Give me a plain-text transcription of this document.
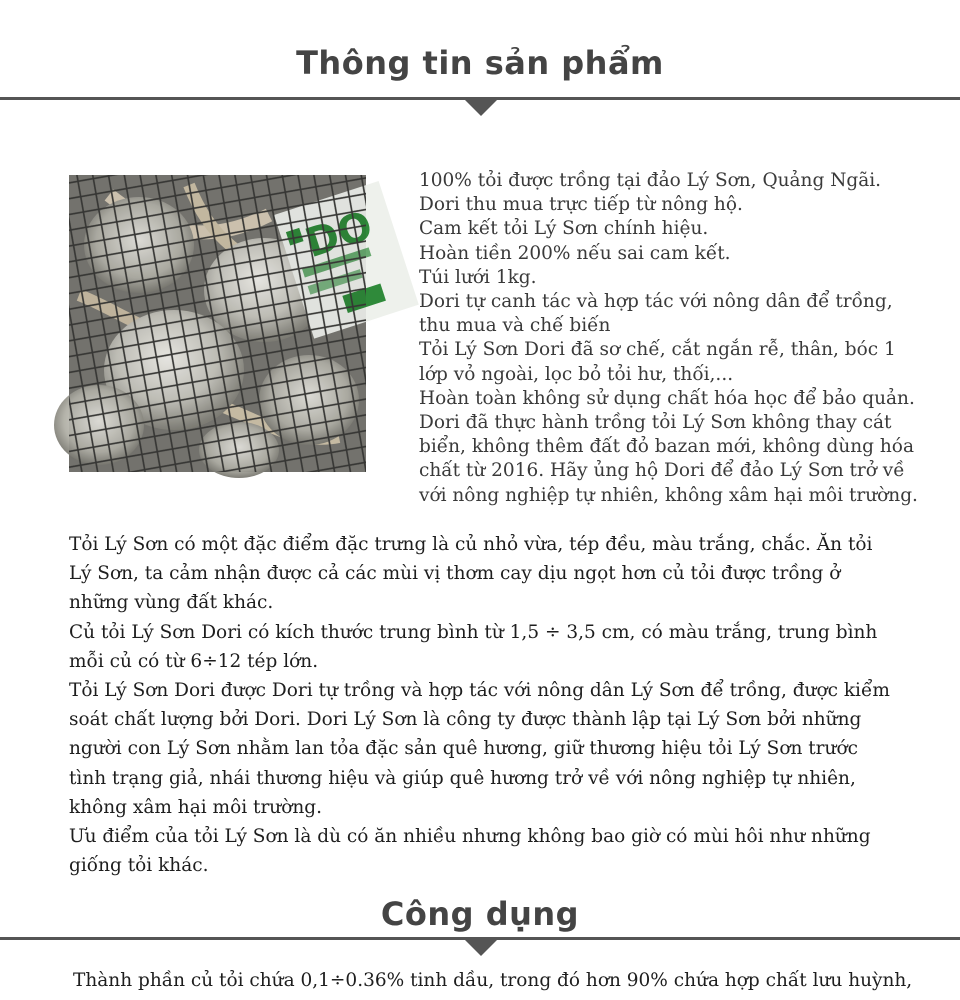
Thông tin sản phẩm
100% tỏi được trồng tại đảo Lý Sơn, Quảng Ngãi. Dori thu mua trực tiếp từ nông hộ.
Cam kết tỏi Lý Sơn chính hiệu.
Hoàn tiền 200% nếu sai cam kết.
Túi lưới 1kg.
Dori tự canh tác và hợp tác với nông dân để trồng, thu mua và chế biến
Tỏi Lý Sơn Dori đã sơ chế, cắt ngắn rễ, thân, bóc 1 lớp vỏ ngoài, lọc bỏ tỏi hư, thối,...
Hoàn toàn không sử dụng chất hóa học để bảo quản.
Dori đã thực hành trồng tỏi Lý Sơn không thay cát biển, không thêm đất đỏ bazan mới, không dùng hóa chất từ 2016. Hãy ủng hộ Dori để đảo Lý Sơn trở về với nông nghiệp tự nhiên, không xâm hại môi trường.

Tỏi Lý Sơn có một đặc điểm đặc trưng là củ nhỏ vừa, tép đều, màu trắng, chắc. Ăn tỏi Lý Sơn, ta cảm nhận được cả các mùi vị thơm cay dịu ngọt hơn củ tỏi được trồng ở những vùng đất khác.

Củ tỏi Lý Sơn Dori có kích thước trung bình từ 1,5 ÷ 3,5 cm, có màu trắng, trung bình mỗi củ có từ 6÷12 tép lớn.

Tỏi Lý Sơn Dori được Dori tự trồng và hợp tác với nông dân Lý Sơn để trồng, được kiểm soát chất lượng bởi Dori. Dori Lý Sơn là công ty được thành lập tại Lý Sơn bởi những người con Lý Sơn nhằm lan tỏa đặc sản quê hương, giữ thương hiệu tỏi Lý Sơn trước tình trạng giả, nhái thương hiệu và giúp quê hương trở về với nông nghiệp tự nhiên, không xâm hại môi trường.

Ưu điểm của tỏi Lý Sơn là dù có ăn nhiều nhưng không bao giờ có mùi hôi như những giống tỏi khác.

Công dụng
Thành phần củ tỏi chứa 0,1÷0.36% tinh dầu, trong đó hơn 90% chứa hợp chất lưu huỳnh,
